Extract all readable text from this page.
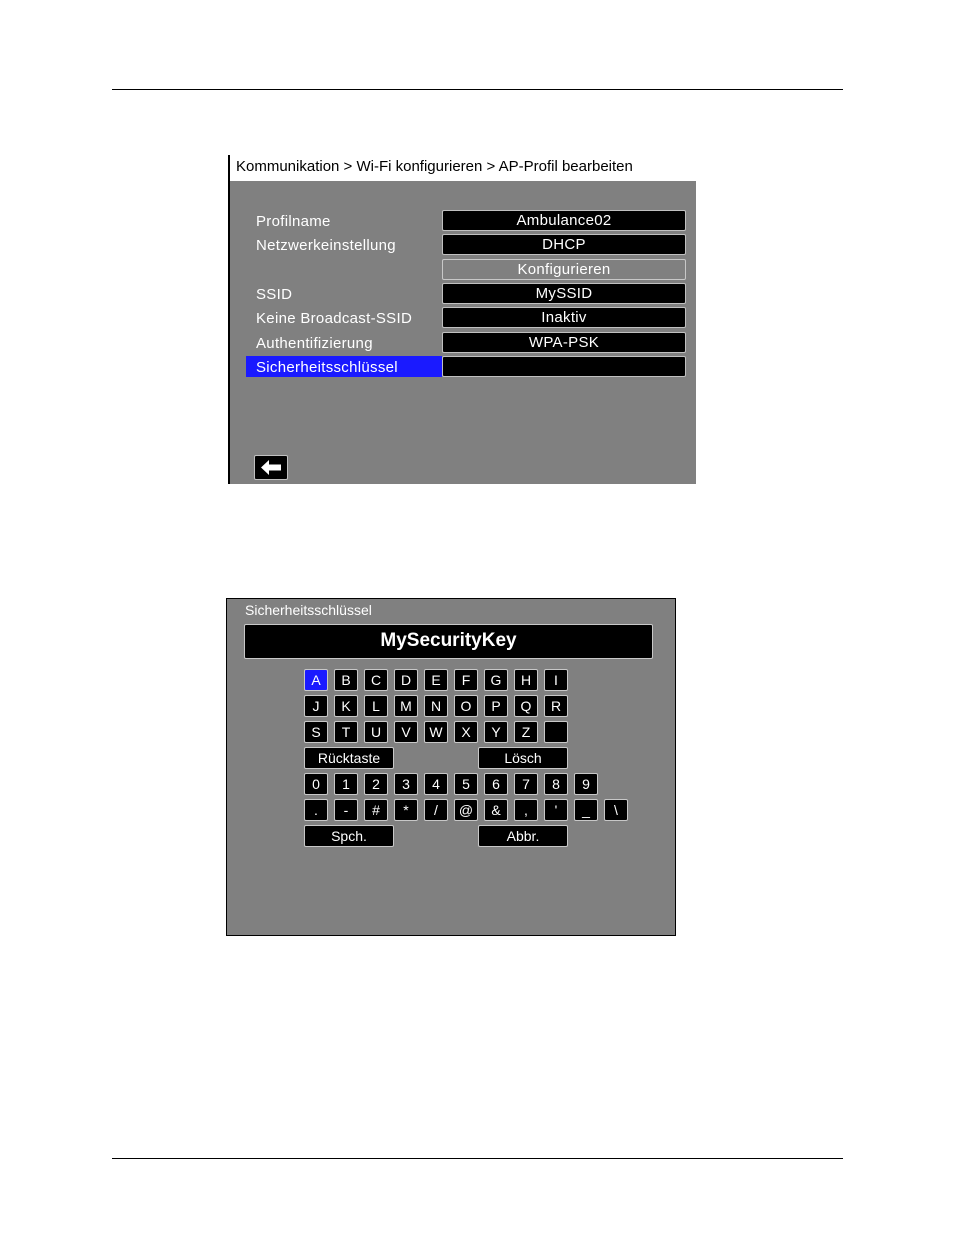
Kommunikation > Wi-Fi konfigurieren > AP-Profil bearbeiten
Profilname	Ambulance02
Netzwerkeinstellung	DHCP
Konfigurieren
SSID	MySSID
Keine Broadcast-SSID	Inaktiv
Authentifizierung	WPA-PSK
Sicherheitsschlüssel
Sicherheitsschlüssel
MySecurityKey
A	B	C	D	E	F	G	H	I
J	K	L	M	N	O	P	Q	R
S	T	U	V	W	X	Y	Z
Rücktaste	Lösch
0	1	2	3	4	5	6	7	8	9
.	-	#	*	/	@	&	,	'	_	\
Spch.	Abbr.
